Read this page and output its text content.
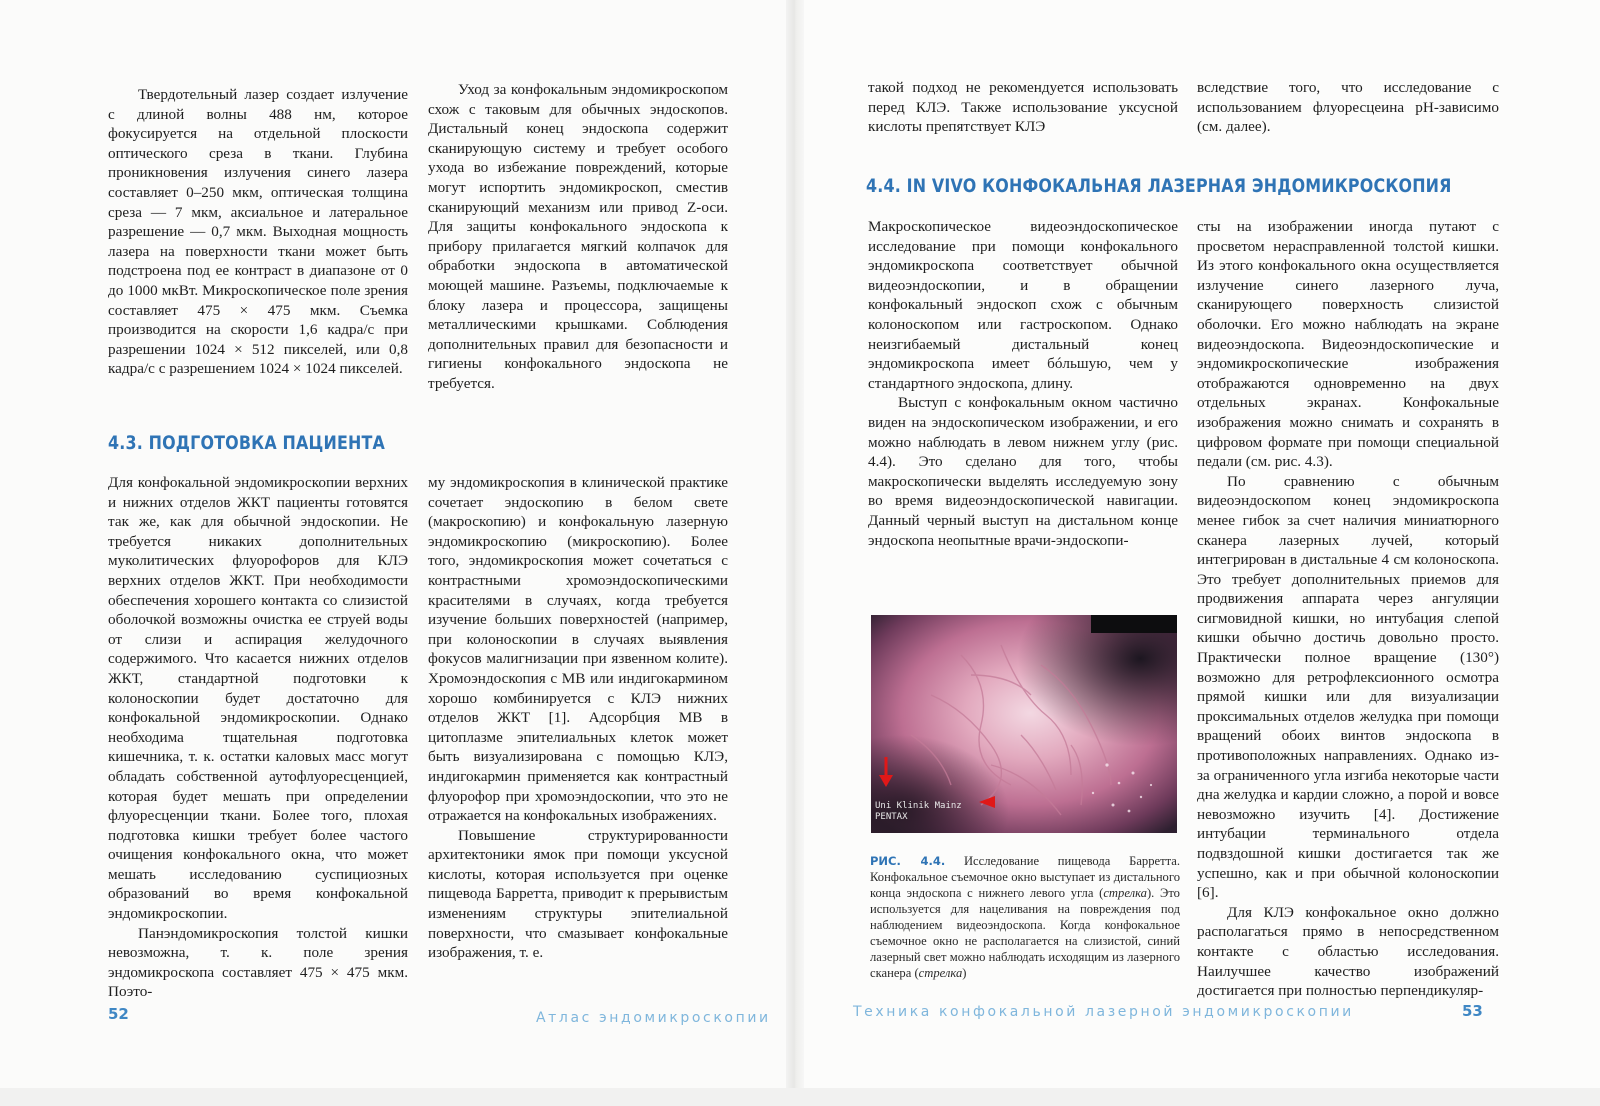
Твердотельный лазер создает излучение с длиной волны 488 нм, которое фокусируется на отдельной плоскости оптического среза в ткани. Глубина проникновения излучения синего лазера составляет 0–250 мкм, оптическая толщина среза — 7 мкм, аксиальное и латеральное разрешение — 0,7 мкм. Выходная мощность лазера на поверхности ткани может быть подстроена под ее контраст в диапазоне от 0 до 1000 мкВт. Микроскопическое поле зрения составляет 475 × 475 мкм. Съемка производится на скорости 1,6 кадра/с при разрешении 1024 × 512 пикселей, или 0,8 кадра/с с разрешением 1024 × 1024 пикселей.

Уход за конфокальным эндомикроскопом схож с таковым для обычных эндоскопов. Дистальный конец эндоскопа содержит сканирующую систему и требует особого ухода во избежание повреждений, которые могут испортить эндомикроскоп, сместив сканирующий механизм или привод Z-оси. Для защиты конфокального эндоскопа к прибору прилагается мягкий колпачок для обработки эндоскопа в автоматической моющей машине. Разъемы, подключаемые к блоку лазера и процессора, защищены металлическими крышками. Соблюдения дополнительных правил для безопасности и гигиены конфокального эндоскопа не требуется.

4.3. ПОДГОТОВКА ПАЦИЕНТА

Для конфокальной эндомикроскопии верхних и нижних отделов ЖКТ пациенты готовятся так же, как для обычной эндоскопии. Не требуется никаких дополнительных муколитических флуорофоров для КЛЭ верхних отделов ЖКТ. При необходимости обеспечения хорошего контакта со слизистой оболочкой возможны очистка ее струей воды от слизи и аспирация желудочного содержимого. Что касается нижних отделов ЖКТ, стандартной подготовки к колоноскопии будет достаточно для конфокальной эндомикроскопии. Однако необходима тщательная подготовка кишечника, т. к. остатки каловых масс могут обладать собственной аутофлуоресценцией, которая будет мешать при определении флуоресценции ткани. Более того, плохая подготовка кишки требует более частого очищения конфокального окна, что может мешать исследованию суспициозных образований во время конфокальной эндомикроскопии.

Панэндомикроскопия толстой кишки невозможна, т. к. поле зрения эндомикроскопа составляет 475 × 475 мкм. Поэто-

му эндомикроскопия в клинической практике сочетает эндоскопию в белом свете (макроскопию) и конфокальную лазерную эндомикроскопию (микроскопию). Более того, эндомикроскопия может сочетаться с контрастными хромоэндоскопическими красителями в случаях, когда требуется изучение больших поверхностей (например, при колоноскопии в случаях выявления фокусов малигнизации при язвенном колите). Хромоэндоскопия с МВ или индигокармином хорошо комбинируется с КЛЭ нижних отделов ЖКТ [1]. Адсорбция МВ в цитоплазме эпителиальных клеток может быть визуализирована с помощью КЛЭ, индигокармин применяется как контрастный флуорофор при хромоэндоскопии, что это не отражается на конфокальных изображениях.

Повышение структурированности архитектоники ямок при помощи уксусной кислоты, которая используется при оценке пищевода Барретта, приводит к прерывистым изменениям структуры эпителиальной поверхности, что смазывает конфокальные изображения, т. е.

52	Атлас эндомикроскопии

такой подход не рекомендуется использовать перед КЛЭ. Также использование уксусной кислоты препятствует КЛЭ

вследствие того, что исследование с использованием флуоресцеина pH-зависимо (см. далее).

4.4. IN VIVO КОНФОКАЛЬНАЯ ЛАЗЕРНАЯ ЭНДОМИКРОСКОПИЯ

Макроскопическое видеоэндоскопическое исследование при помощи конфокального эндомикроскопа соответствует обычной видеоэндоскопии, и в обращении конфокальный эндоскоп схож с обычным колоноскопом или гастроскопом. Однако неизгибаемый дистальный конец эндомикроскопа имеет бóльшую, чем у стандартного эндоскопа, длину.

Выступ с конфокальным окном частично виден на эндоскопическом изображении, и его можно наблюдать в левом нижнем углу (рис. 4.4). Это сделано для того, чтобы макроскопически выделять исследуемую зону во время видеоэндоскопической навигации. Данный черный выступ на дистальном конце эндоскопа неопытные врачи-эндоскопи-

сты на изображении иногда путают с просветом нерасправленной толстой кишки. Из этого конфокального окна осуществляется излучение синего лазерного луча, сканирующего поверхность слизистой оболочки. Его можно наблюдать на экране видеоэндоскопа. Видеоэндоскопические и эндомикроскопические изображения отображаются одновременно на двух отдельных экранах. Конфокальные изображения можно снимать и сохранять в цифровом формате при помощи специальной педали (см. рис. 4.3).

По сравнению с обычным видеоэндоскопом конец эндомикроскопа менее гибок за счет наличия миниатюрного сканера лазерных лучей, который интегрирован в дистальные 4 см колоноскопа. Это требует дополнительных приемов для продвижения аппарата через ангуляции сигмовидной кишки, но интубация слепой кишки обычно достичь довольно просто. Практически полное вращение (130°) возможно для ретрофлексионного осмотра прямой кишки или для визуализации проксимальных отделов желудка при помощи вращений обоих винтов эндоскопа в противоположных направлениях. Однако из-за ограниченного угла изгиба некоторые части дна желудка и кардии сложно, а порой и вовсе невозможно изучить [4]. Достижение интубации терминального отдела подвздошной кишки достигается так же успешно, как и при обычной колоноскопии [6].

Для КЛЭ конфокальное окно должно располагаться прямо в непосредственном контакте с областью исследования. Наилучшее качество изображений достигается при полностью перпендикуляр-

Uni Klinik Mainz
PENTAX
РИС. 4.4. Исследование пищевода Барретта. Конфокальное съемочное окно выступает из дистального конца эндоскопа с нижнего левого угла (стрелка). Это используется для нацеливания на повреждения под наблюдением видеоэндоскопа. Когда конфокальное съемочное окно не располагается на слизистой, синий лазерный свет можно наблюдать исходящим из лазерного сканера (стрелка)
Техника конфокальной лазерной эндомикроскопии	53
